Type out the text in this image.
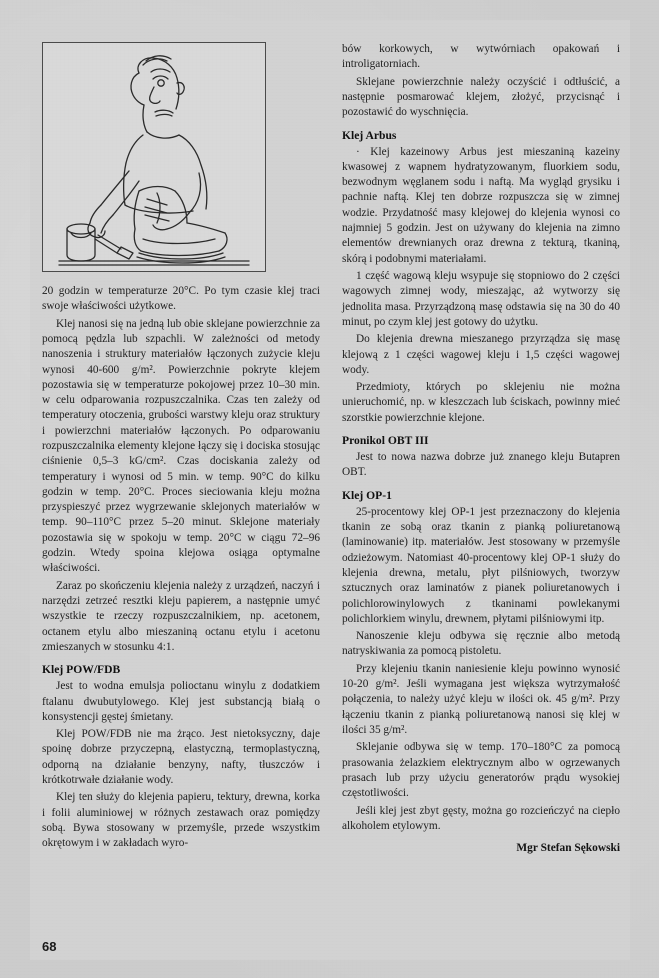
20 godzin w temperaturze 20°C. Po tym czasie klej traci swoje właściwości użytkowe.

Klej nanosi się na jedną lub obie sklejane powierzchnie za pomocą pędzla lub szpachli. W zależności od metody nanoszenia i struktury materiałów łączonych zużycie kleju wynosi 40-600 g/m². Powierzchnie pokryte klejem pozostawia się w temperaturze pokojowej przez 10–30 min. w celu odparowania rozpuszczalnika. Czas ten zależy od temperatury otoczenia, grubości warstwy kleju oraz struktury i powierzchni materiałów łączonych. Po odparowaniu rozpuszczalnika elementy klejone łączy się i dociska stosując ciśnienie 0,5–3 kG/cm². Czas dociskania zależy od temperatury i wynosi od 5 min. w temp. 90°C do kilku godzin w temp. 20°C. Proces sieciowania kleju można przyspieszyć przez wygrzewanie sklejonych materiałów w temp. 90–110°C przez 5–20 minut. Sklejone materiały pozostawia się w spokoju w temp. 20°C w ciągu 72–96 godzin. Wtedy spoina klejowa osiąga optymalne właściwości.

Zaraz po skończeniu klejenia należy z urządzeń, naczyń i narzędzi zetrzeć resztki kleju papierem, a następnie umyć wszystkie te rzeczy rozpuszczalnikiem, np. acetonem, octanem etylu albo mieszaniną octanu etylu i acetonu zmieszanych w stosunku 4:1.

Klej POW/FDB

Jest to wodna emulsja polioctanu winylu z dodatkiem ftalanu dwubutylowego. Klej jest substancją białą o konsystencji gęstej śmietany.

Klej POW/FDB nie ma żrąco. Jest nietoksyczny, daje spoinę dobrze przyczepną, elastyczną, termoplastyczną, odporną na działanie benzyny, nafty, tłuszczów i krótkotrwałe działanie wody.

Klej ten służy do klejenia papieru, tektury, drewna, korka i folii aluminiowej w różnych zestawach oraz pomiędzy sobą. Bywa stosowany w przemyśle, przede wszystkim okrętowym i w zakładach wyro-

bów korkowych, w wytwórniach opakowań i introligatorniach.

Sklejane powierzchnie należy oczyścić i odtłuścić, a następnie posmarować klejem, złożyć, przycisnąć i pozostawić do wyschnięcia.

Klej Arbus

· Klej kazeinowy Arbus jest mieszaniną kazeiny kwasowej z wapnem hydratyzowanym, fluorkiem sodu, bezwodnym węglanem sodu i naftą. Ma wygląd grysiku i pachnie naftą. Klej ten dobrze rozpuszcza się w zimnej wodzie. Przydatność masy klejowej do klejenia wynosi co najmniej 5 godzin. Jest on używany do klejenia na zimno elementów drewnianych oraz drewna z tekturą, tkaniną, skórą i podobnymi materiałami.

1 część wagową kleju wsypuje się stopniowo do 2 części wagowych zimnej wody, mieszając, aż wytworzy się jednolita masa. Przyrządzoną masę odstawia się na 30 do 40 minut, po czym klej jest gotowy do użytku.

Do klejenia drewna mieszanego przyrządza się masę klejową z 1 części wagowej kleju i 1,5 części wagowej wody.

Przedmioty, których po sklejeniu nie można unieruchomić, np. w kleszczach lub ściskach, powinny mieć szorstkie powierzchnie klejone.

Pronikol OBT III

Jest to nowa nazwa dobrze już znanego kleju Butapren OBT.

Klej OP-1

25-procentowy klej OP-1 jest przeznaczony do klejenia tkanin ze sobą oraz tkanin z pianką poliuretanową (laminowanie) itp. materiałów. Jest stosowany w przemyśle odzieżowym. Natomiast 40-procentowy klej OP-1 służy do klejenia drewna, metalu, płyt pilśniowych, tworzyw sztucznych oraz laminatów z pianek poliuretanowych i polichlorowinylowych z tkaninami powlekanymi polichlorkiem winylu, drewnem, płytami pilśniowymi itp.

Nanoszenie kleju odbywa się ręcznie albo metodą natryskiwania za pomocą pistoletu.

Przy klejeniu tkanin naniesienie kleju powinno wynosić 10-20 g/m². Jeśli wymagana jest większa wytrzymałość połączenia, to należy użyć kleju w ilości ok. 45 g/m². Przy łączeniu tkanin z pianką poliuretanową nanosi się klej w ilości 35 g/m².

Sklejanie odbywa się w temp. 170–180°C za pomocą prasowania żelazkiem elektrycznym albo w ogrzewanych prasach lub przy użyciu generatorów prądu wysokiej częstotliwości.

Jeśli klej jest zbyt gęsty, można go rozcieńczyć na ciepło alkoholem etylowym.

Mgr Stefan Sękowski
68
